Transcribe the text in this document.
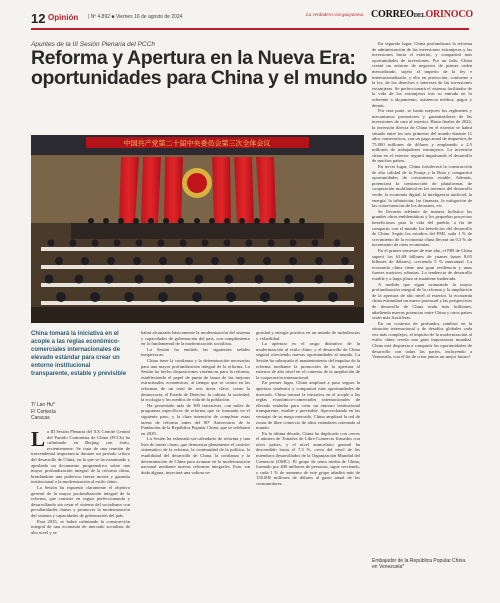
12 Opinión | Nº 4.892 ■ Viernes 16 de agosto de 2024	La verdadera voz guayanesa CORREODELORINOCO
Apuntes de la III Sesión Plenaria del PCCh
Reforma y Apertura en la Nueva Era: oportunidades para China y el mundo
中国共产党第二十届中央委员会第三次全体会议

China tomará la iniciativa en el acople a las reglas económico-comerciales internacionales de elevado estándar para crear un entorno institucional transparente, estable y previsible

T/ Lan Hu*
F/ Cortesía
Caracas
L a III Sesión Plenaria del XX Comité Central del Partido Comunista de China (PCCh) ha culminado en Beijing con éxito, recientemente. Se trata de una reunión de trascendental importancia durante un período crítico del desarrollo de China, en la que se ha examinado y aprobado un documento programático sobre una mayor profundización integral de la reforma china, brindándose una poderosa fuerza motriz y garantía institucional a la modernización al estilo chino.

La Sesión ha expuesto claramente el objetivo general de la mayor profundización integral de la reforma, que consiste en seguir perfeccionando y desarrollando sin cesar el sistema del socialismo con peculiaridades chinas y promover la modernización del sistema y capacidades de gobernación del país.

Para 2035, se habrá culminado la construcción integral de una economía de mercado socialista de alto nivel y se

habrá alcanzado básicamente la modernización del sistema y capacidades de gobernación del país, con cumplimiento en lo fundamental de la modernización socialista.

La Sesión ha emitido las siguientes señales inequívocas:

China tiene la confianza y la determinación necesarias para una mayor profundización integral de la reforma. La Sesión ha hecho disposiciones sistémicas para la reforma, estableciendo el papel de punta de lanza de las mejoras estructurales económicas, al tiempo que se centra en las reformas de un total de seis áreas clave, como la democracia, el Estado de Derecho, la cultura, la sociedad, la ecología y los medios de vida de la población.

Ha presentado más de 300 iniciativas, con miles de programas específicos de reforma que se formarán en el siguiente paso, y la clara intención de completar estas tareas de reforma antes del 80º Aniversario de la Fundación de la República Popular China, que se celebrará en 2029.

La Sesión ha esbozado un calendario de reforma y una lista de tareas claras, que demuestra plenamente el carácter sistemático de la reforma, la continuidad de la política, la estabilidad del desarrollo de China, la confianza y la determinación de China para avanzar en la modernización nacional mediante nuevas reformas integrales. Esto, sin duda alguna, inyectará una valiosa se-

guridad y energía positiva en un mundo de turbulencias y volatilidad.

La apertura es el rasgo distintivo de la modernización al estilo chino, y el desarrollo de China seguirá ofreciendo nuevas oportunidades al mundo. La Sesión ha subrayado el mantenimiento del impulso de la reforma mediante la promoción de la apertura al exterior de alto nivel en el contexto de la ampliación de la cooperación internacional.

En primer lugar, China ampliará a paso seguro la apertura sistémica y compartirá más oportunidades de mercado. China tomará la iniciativa en el acople a las reglas económico-comerciales internacionales de elevado estándar para crear un entorno institucional transparente, estable y previsible. Aprovechando en las ventajas de su mega mercado, China ampliará la red de zonas de libre comercio de altos estándares orientada al mundo.

En la última década, China ha duplicado con creces el número de Tratados de Libre Comercio firmados con otros países, y el nivel arancelario general ha descendido hasta el 7,3 %, cerca del nivel de los miembros desarrollados de la Organización Mundial del Comercio (OMC). El grupo de renta media de China, formado por 400 millones de personas, sigue creciendo, y cada 1 % de aumento de este grupo añadirá más de 150.000 millones de dólares al gasto anual de los consumidores.

En segundo lugar, China profundizará la reforma de administración de las inversiones extranjeras y las inversiones hacia el exterior, y compartirá más oportunidades de inversiones. Por un lado, China creará un entorno de negocios de primer orden mercadizado, sujeto al imperio de la ley e internacionalizado, y elio en protección, conforme a la ley, de los derechos e intereses de las inversiones extranjeras. Se perfeccionará el sistema facilitador de la vida de los extranjeros tras su entrada en lo referente a alojamiento, asistencia médica, pagos y demás.

Por otra parte, se harán mejores los regímenes y mecanismos promotores y garantizadores de las inversiones de cara al exterior. Hasta finales de 2022, la inversión directa de China en el exterior se habrá situado entre los tres primeros del mundo durante 11 años consecutivos, con un pago anual de impuestos de 75.000 millones de dólares y empleando a 2,5 millones de trabajadores extranjeros. La inversión china en el exterior seguirá impulsando el desarrollo de muchos países.

En tercer lugar, China fortalecerá la construcción de alta calidad de la Franja y la Ruta y compartirá oportunidades de crecimiento estable. Además, potenciará la construcción de plataformas de cooperación multilateral en los terrenos del desarrollo verde, la economía digital, la inteligencia artificial, la energía, la tributación, las finanzas, la mitigación de las consecuencias de los desastres, etc.

Se llevarán adelante de manera holística las grandes obras emblemáticas y los pequeños proyectos beneficiosos para la vida del pueblo, a fin de compartir con el mundo los beneficios del desarrollo de China. Según los estudios del FMI, cada 1 % de crecimiento de la economía china llevará un 0,3 % de incremento de otras economías.

En el primer semestre de este año, el PIB de China superó los 61,68 billones de yuanes (unos 8,65 billones de dólares), creciendo 5 % interanual. La economía china tiene una gran resiliencia y unas fuertes motrices robustas. La tendencia de desarrollo estable y a largo plazo se mantiene inalterada.

A medida que sigan avanzando la mayor profundización integral de la reforma y la ampliación de la apertura de alto nivel al exterior, la economía china estimulará un nuevo potencial y las perspectivas de desarrollo de China serán más brillantes, añadiendo nuevas potencias entre China y otros países serán más fructíferas.

En un contexto de profundos cambios en la situación internacional y de desafíos globales cada vez más complejos, el impulso de la modernización al estilo chino revela una gran importancia mundial. China está dispuesta a compartir las oportunidades de desarrollo con todas las partes, incluyendo a Venezuela, con el fin de crear juntos un mejor futuro!

Embajador de la República Popular China en Venezuela*
